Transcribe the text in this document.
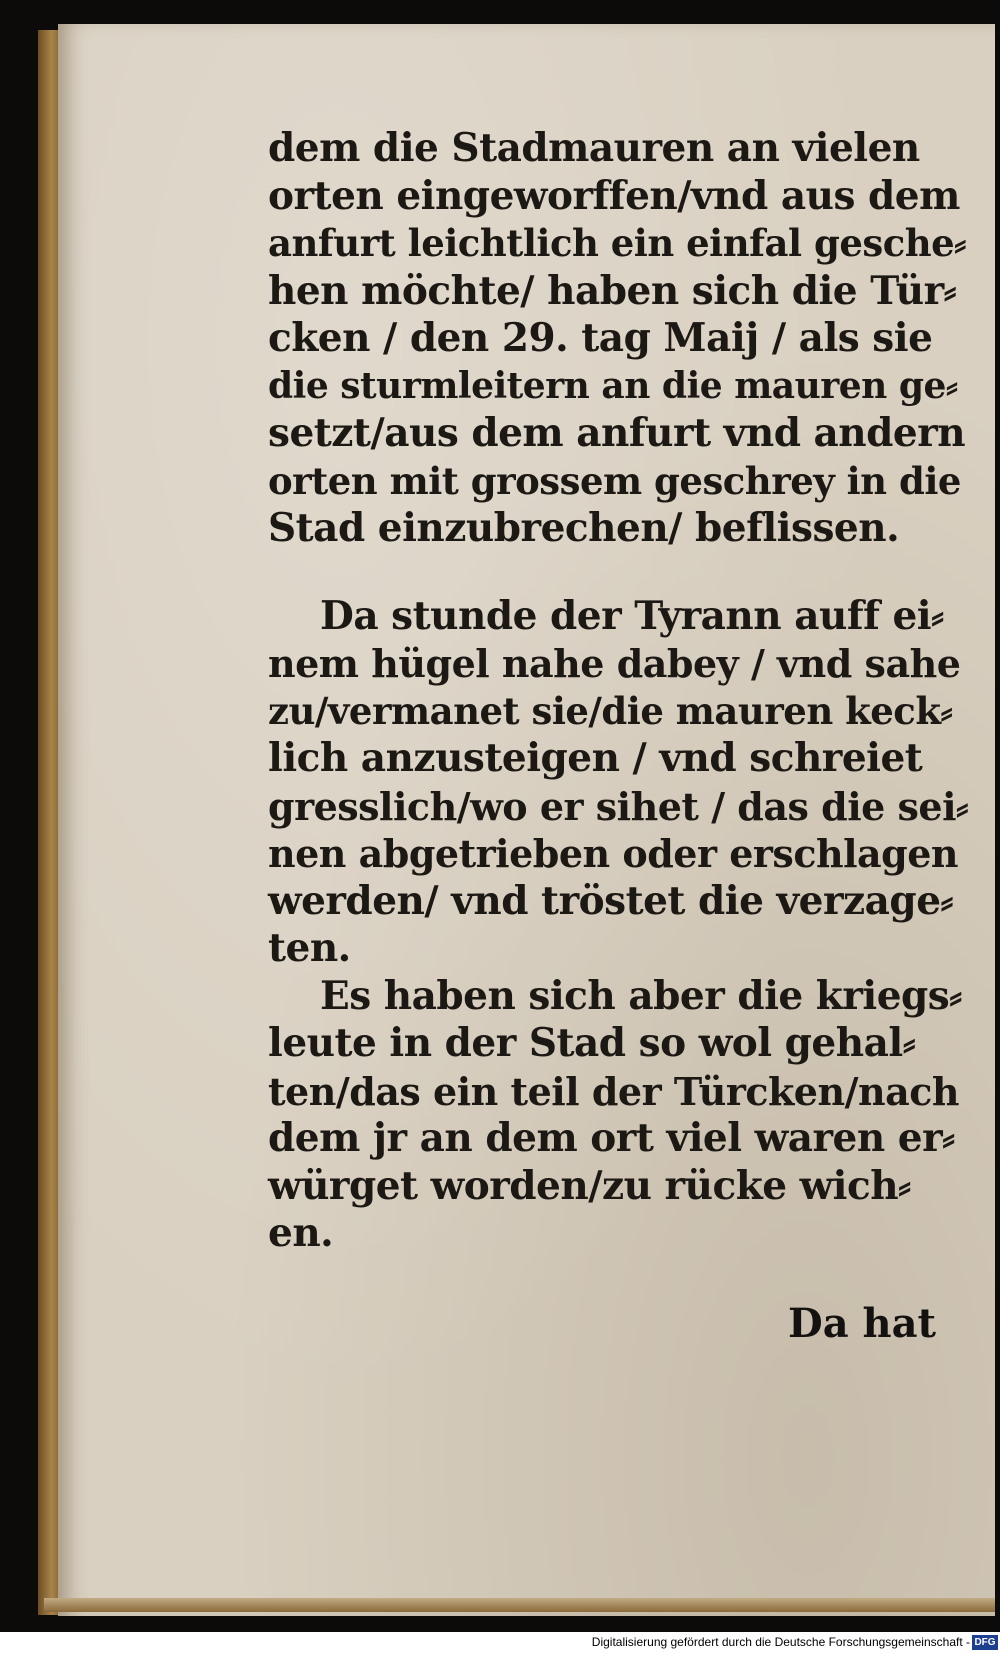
dem die Stadmauren an vielen
orten eingeworffen/vnd aus dem
anfurt leichtlich ein einfal gesche⸗
hen möchte/ haben sich die Tür⸗
cken / den 29. tag Maij / als sie
die sturmleitern an die mauren ge⸗
setzt/aus dem anfurt vnd andern
orten mit grossem geschrey in die
Stad einzubrechen/ beflissen.
Da stunde der Tyrann auff ei⸗
nem hügel nahe dabey / vnd sahe
zu/vermanet sie/die mauren keck⸗
lich anzusteigen / vnd schreiet
gresslich/wo er sihet / das die sei⸗
nen abgetrieben oder erschlagen
werden/ vnd tröstet die verzage⸗
ten.
Es haben sich aber die kriegs⸗
leute in der Stad so wol gehal⸗
ten/das ein teil der Türcken/nach
dem jr an dem ort viel waren er⸗
würget worden/zu rücke wich⸗
en.
Da hat
Digitalisierung gefördert durch die Deutsche Forschungsgemeinschaft - DFG
